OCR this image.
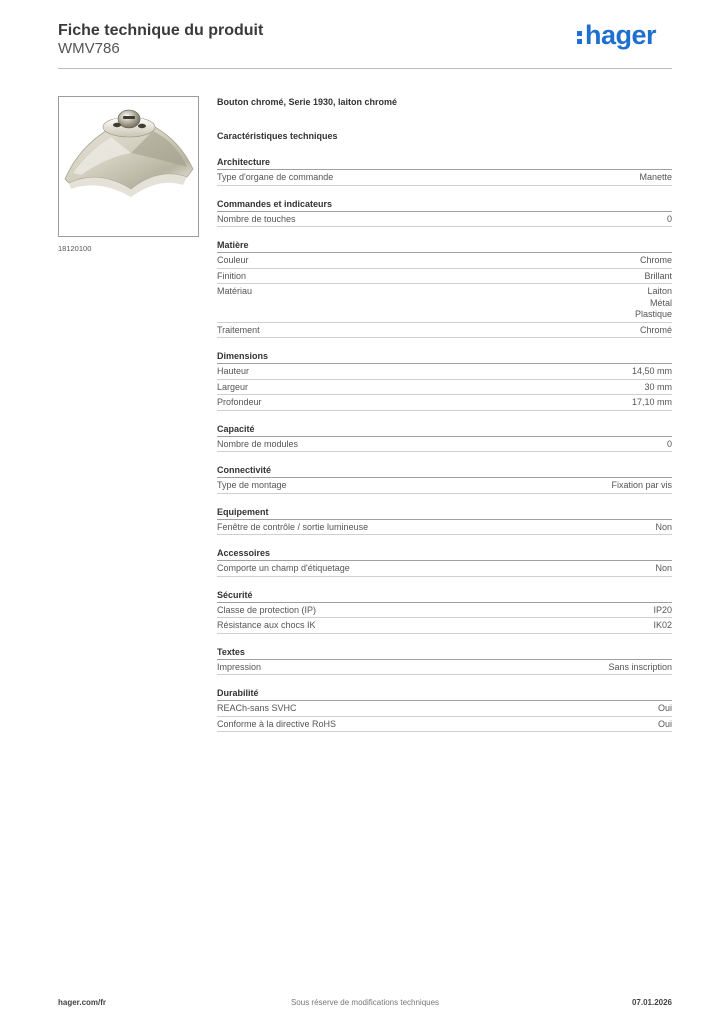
Fiche technique du produit
WMV786	hager
18120100
Bouton chromé, Serie 1930, laiton chromé
Caractéristiques techniques
Architecture
Type d'organe de commande	Manette
Commandes et indicateurs
Nombre de touches	0
Matière
Couleur	Chrome
Finition	Brillant
Matériau	Laiton
Métal
Plastique
Traitement	Chromé
Dimensions
Hauteur	14,50 mm
Largeur	30 mm
Profondeur	17,10 mm
Capacité
Nombre de modules	0
Connectivité
Type de montage	Fixation par vis
Equipement
Fenêtre de contrôle / sortie lumineuse	Non
Accessoires
Comporte un champ d'étiquetage	Non
Sécurité
Classe de protection (IP)	IP20
Résistance aux chocs IK	IK02
Textes
Impression	Sans inscription
Durabilité
REACh-sans SVHC	Oui
Conforme à la directive RoHS	Oui
Sous réserve de modifications techniques
hager.com/fr	07.01.2026
